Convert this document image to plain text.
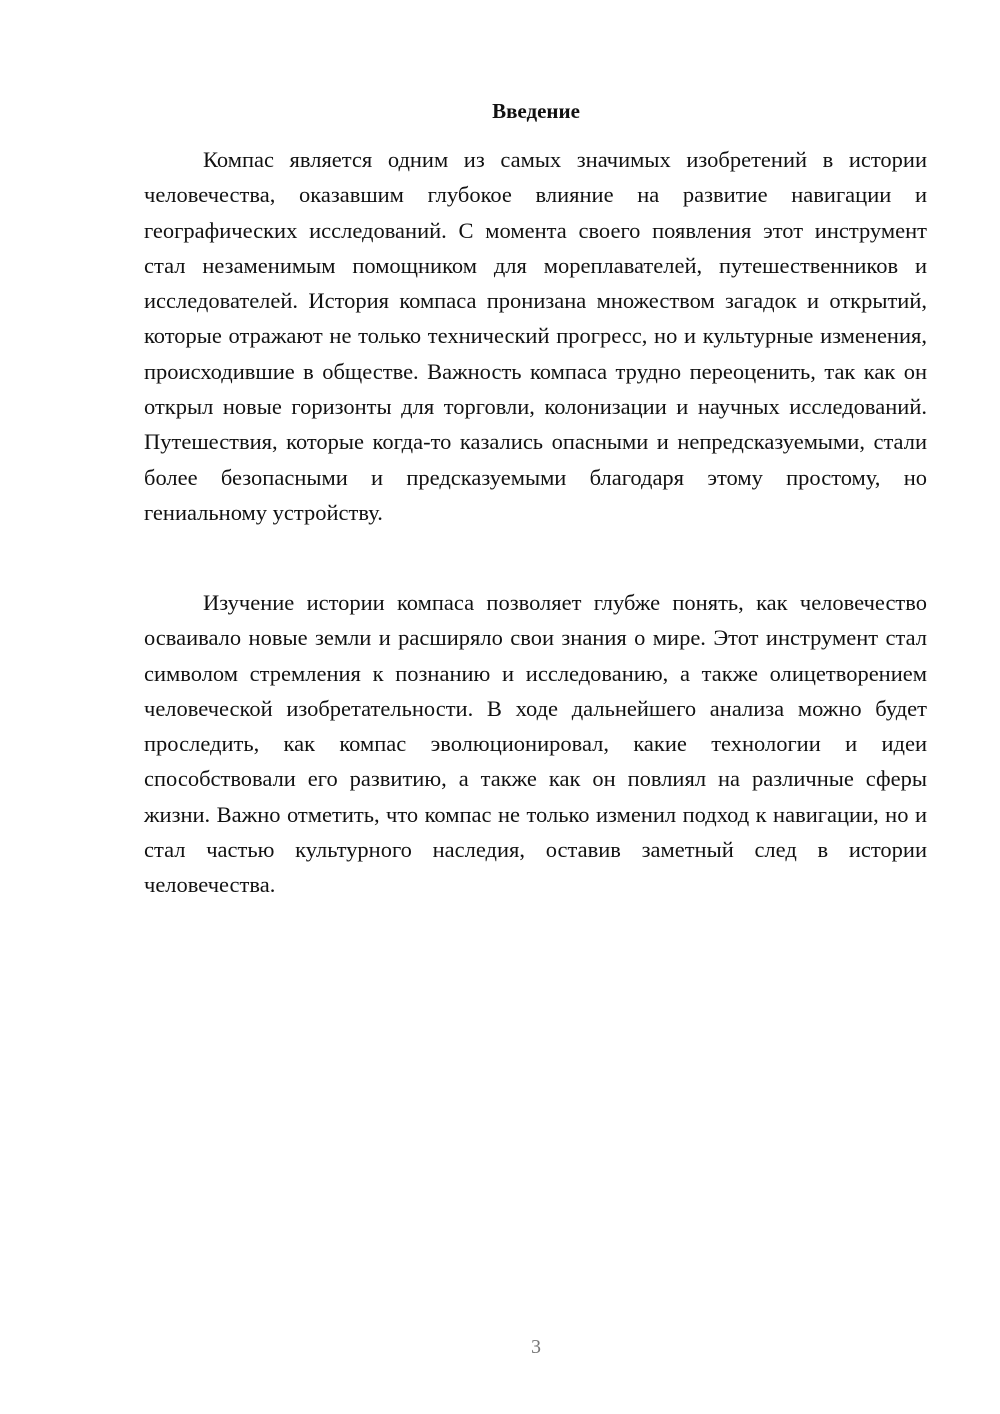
Введение

Компас является одним из самых значимых изобретений в истории человечества, оказавшим глубокое влияние на развитие навигации и географических исследований. С момента своего появления этот инструмент стал незаменимым помощником для мореплавателей, путешественников и исследователей. История компаса пронизана множеством загадок и открытий, которые отражают не только технический прогресс, но и культурные изменения, происходившие в обществе. Важность компаса трудно переоценить, так как он открыл новые горизонты для торговли, колонизации и научных исследований. Путешествия, которые когда-то казались опасными и непредсказуемыми, стали более безопасными и предсказуемыми благодаря этому простому, но гениальному устройству.

Изучение истории компаса позволяет глубже понять, как человечество осваивало новые земли и расширяло свои знания о мире. Этот инструмент стал символом стремления к познанию и исследованию, а также олицетворением человеческой изобретательности. В ходе дальнейшего анализа можно будет проследить, как компас эволюционировал, какие технологии и идеи способствовали его развитию, а также как он повлиял на различные сферы жизни. Важно отметить, что компас не только изменил подход к навигации, но и стал частью культурного наследия, оставив заметный след в истории человечества.

3
